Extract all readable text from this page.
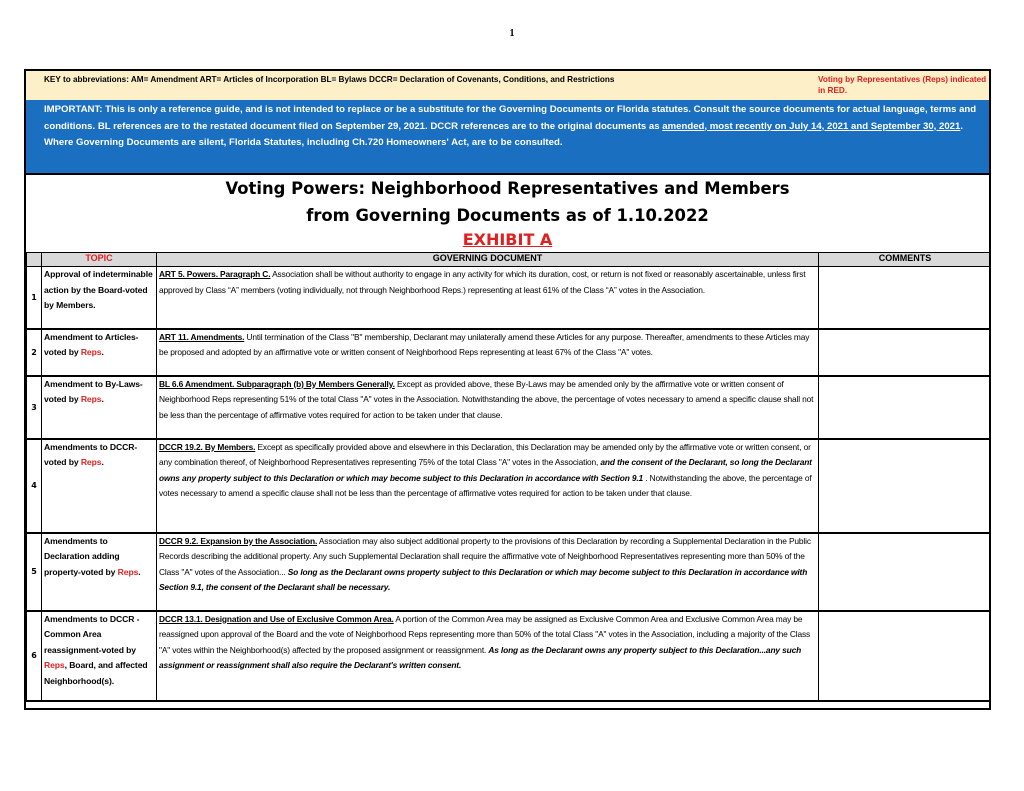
1
KEY to abbreviations: AM= Amendment ART= Articles of Incorporation BL= Bylaws DCCR= Declaration of Covenants, Conditions, and Restrictions	Voting by Representatives (Reps) indicated in RED.
IMPORTANT: This is only a reference guide, and is not intended to replace or be a substitute for the Governing Documents or Florida statutes. Consult the source documents for actual language, terms and conditions. BL references are to the restated document filed on September 29, 2021. DCCR references are to the original documents as amended, most recently on July 14, 2021 and September 30, 2021. Where Governing Documents are silent, Florida Statutes, including Ch.720 Homeowners' Act, are to be consulted.
Voting Powers: Neighborhood Representatives and Members
from Governing Documents as of 1.10.2022
EXHIBIT A
	TOPIC	GOVERNING DOCUMENT	COMMENTS
1	Approval of indeterminable action by the Board-voted by Members.	ART 5. Powers. Paragraph C. Association shall be without authority to engage in any activity for which its duration, cost, or return is not fixed or reasonably ascertainable, unless first approved by Class “A” members (voting individually, not through Neighborhood Reps.) representing at least 61% of the Class “A” votes in the Association.	
2	Amendment to Articles-voted by Reps.	ART 11. Amendments. Until termination of the Class "B" membership, Declarant may unilaterally amend these Articles for any purpose. Thereafter, amendments to these Articles may be proposed and adopted by an affirmative vote or written consent of Neighborhood Reps representing at least 67% of the Class "A" votes.	
3	Amendment to By-Laws-voted by Reps.	BL 6.6 Amendment. Subparagraph (b) By Members Generally. Except as provided above, these By-Laws may be amended only by the affirmative vote or written consent of Neighborhood Reps representing 51% of the total Class "A" votes in the Association. Notwithstanding the above, the percentage of votes necessary to amend a specific clause shall not be less than the percentage of affirmative votes required for action to be taken under that clause.	
4	Amendments to DCCR-voted by Reps.	DCCR 19.2. By Members. Except as specifically provided above and elsewhere in this Declaration, this Declaration may be amended only by the affirmative vote or written consent, or any combination thereof, of Neighborhood Representatives representing 75% of the total Class "A" votes in the Association, and the consent of the Declarant, so long the Declarant owns any property subject to this Declaration or which may become subject to this Declaration in accordance with Section 9.1 . Notwithstanding the above, the percentage of votes necessary to amend a specific clause shall not be less than the percentage of affirmative votes required for action to be taken under that clause.	
5	Amendments to Declaration adding property-voted by Reps.	DCCR 9.2. Expansion by the Association. Association may also subject additional property to the provisions of this Declaration by recording a Supplemental Declaration in the Public Records describing the additional property. Any such Supplemental Declaration shall require the affirmative vote of Neighborhood Representatives representing more than 50% of the Class "A" votes of the Association... So long as the Declarant owns property subject to this Declaration or which may become subject to this Declaration in accordance with Section 9.1, the consent of the Declarant shall be necessary.	
6	Amendments to DCCR - Common Area reassignment-voted by Reps, Board, and affected Neighborhood(s).	DCCR 13.1. Designation and Use of Exclusive Common Area. A portion of the Common Area may be assigned as Exclusive Common Area and Exclusive Common Area may be reassigned upon approval of the Board and the vote of Neighborhood Reps representing more than 50% of the total Class "A" votes in the Association, including a majority of the Class "A" votes within the Neighborhood(s) affected by the proposed assignment or reassignment. As long as the Declarant owns any property subject to this Declaration...any such assignment or reassignment shall also require the Declarant's written consent.	
